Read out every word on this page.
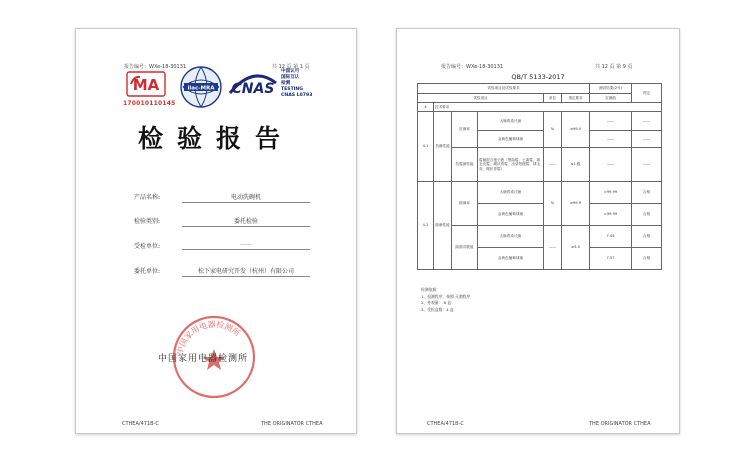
报告编号：WXe-18-30131	共 12 页 第 1 页
MA
170010110145
ilac-MRA CNAS
中国认可
国际互认
检测
TESTING
CNAS L0793
检验报告
产品名称:	电动洗碗机
检验类别:	委托检验
受检单位:	——
委托单位:	松下家电研究开发（杭州）有限公司
中国家用电器检测所
中国家用电器检测所
CTHEA/471B-C	THE ORIGINATOR CTHEA
报告编号：WXe-18-30131	共 12 页 第 9 页
QB/T 5133-2017
试验项目及试验要求						测试结果(2号)	判定
试验项目				单位	指定要求	实测值	
4	技术要求						
4.1	抗菌性能	抗菌率	大肠埃希氏菌	%	≥99.0	——	——
			金黄色葡萄球菌			——	——
		抗霉菌性能	霉菌混合孢子液（黑曲霉、土曲霉、球毛壳霉、绳状青霉、出芽短梗霉、球毛壳、绳状青霉）	——	≤1 级	——	——
4.2	除菌性能	除菌率	大肠埃希氏菌	%	≥99.9	>99.99	合格
			金黄色葡萄球菌			>99.99	合格
		除菌对数值	大肠埃希氏菌	——	≥3.0	7.45	合格
			金黄色葡萄球菌			7.57	合格
检测依据：
1、检测程序，按照-灭菌程序
2、外观量： 8 盒
3、受检盒数：4 盒
CTHEA/471B-C	THE ORIGINATOR CTHEA
